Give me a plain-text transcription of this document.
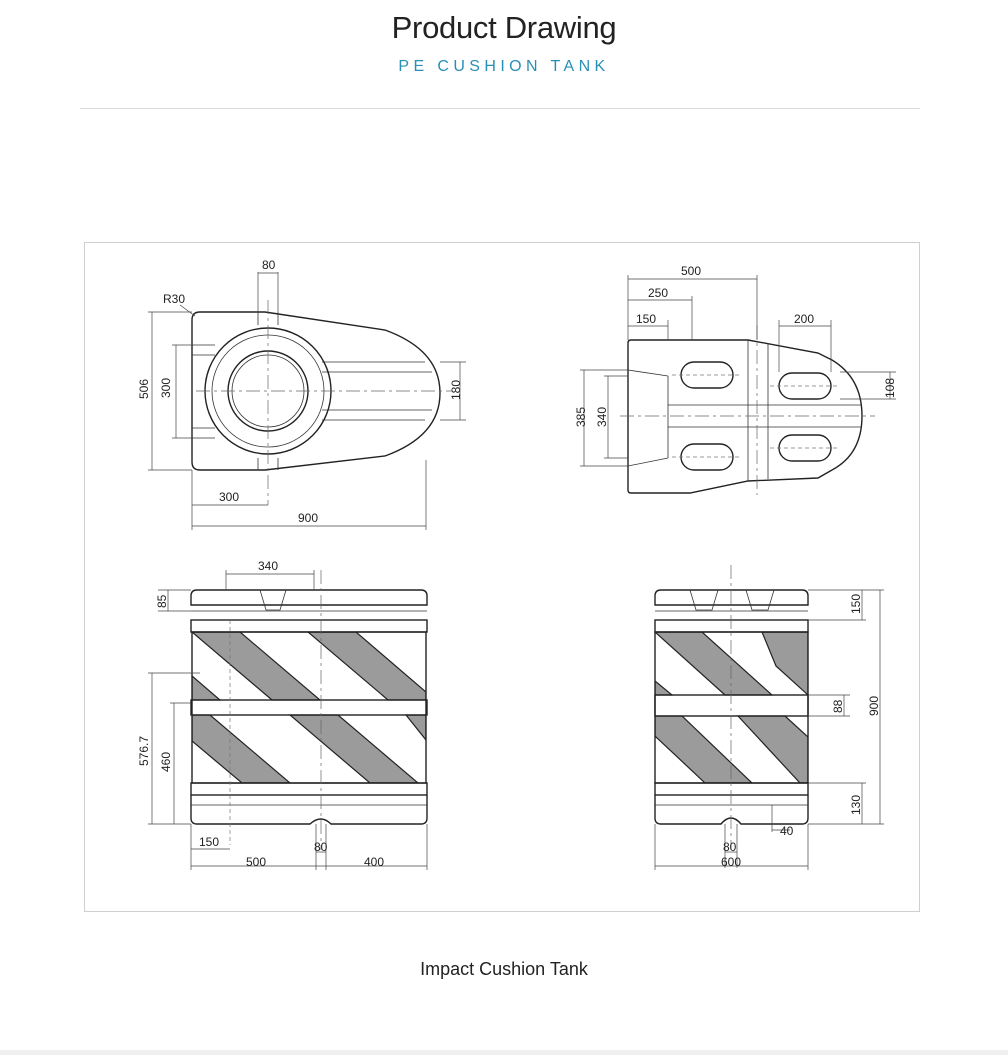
Product Drawing
PE CUSHION TANK
80
R30
506 300	180
300
900
500
250
150	200
385 340
108
340
85
576.7 460
150	80
500	400
150
88 900
130
40
80
600
Impact Cushion Tank
